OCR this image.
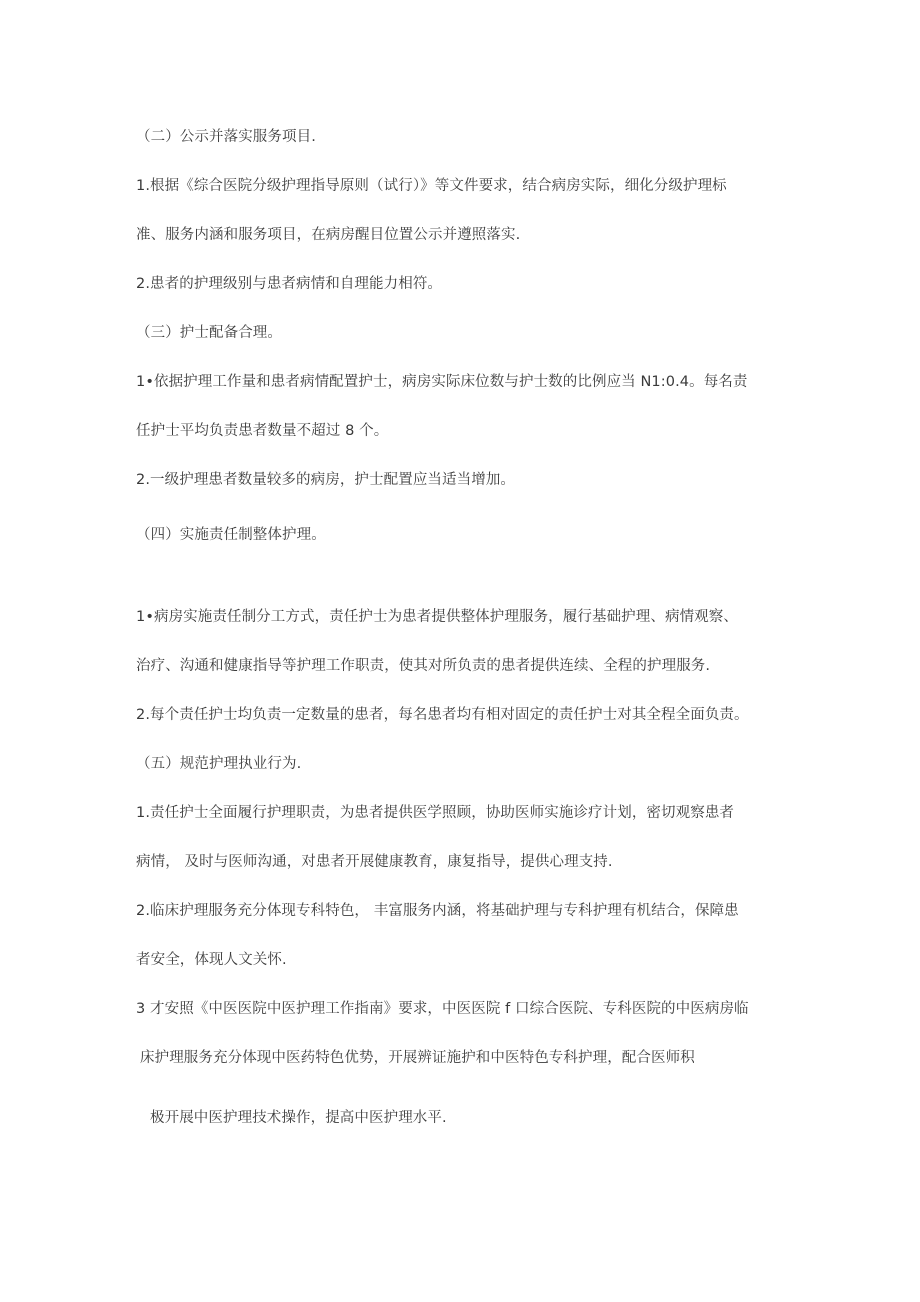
（二）公示并落实服务项目.
1.根据《综合医院分级护理指导原则（试行）》等文件要求，结合病房实际，细化分级护理标
准、服务内涵和服务项目，在病房醒目位置公示并遵照落实.
2.患者的护理级别与患者病情和自理能力相符。
（三）护士配备合理。
1•依据护理工作量和患者病情配置护士，病房实际床位数与护士数的比例应当 N1:0.4。每名责
任护士平均负责患者数量不超过 8 个。
2.一级护理患者数量较多的病房，护士配置应当适当增加。
（四）实施责任制整体护理。
1•病房实施责任制分工方式，责任护士为患者提供整体护理服务，履行基础护理、病情观察、
治疗、沟通和健康指导等护理工作职责，使其对所负责的患者提供连续、全程的护理服务.
2.每个责任护士均负责一定数量的患者，每名患者均有相对固定的责任护士对其全程全面负责。
（五）规范护理执业行为.
1.责任护士全面履行护理职责，为患者提供医学照顾，协助医师实施诊疗计划，密切观察患者
病情， 及时与医师沟通，对患者开展健康教育，康复指导，提供心理支持.
2.临床护理服务充分体现专科特色， 丰富服务内涵，将基础护理与专科护理有机结合，保障患
者安全，体现人文关怀.
3 才安照《中医医院中医护理工作指南》要求，中医医院 f 口综合医院、专科医院的中医病房临
床护理服务充分体现中医药特色优势，开展辨证施护和中医特色专科护理，配合医师积
极开展中医护理技术操作，提高中医护理水平.
